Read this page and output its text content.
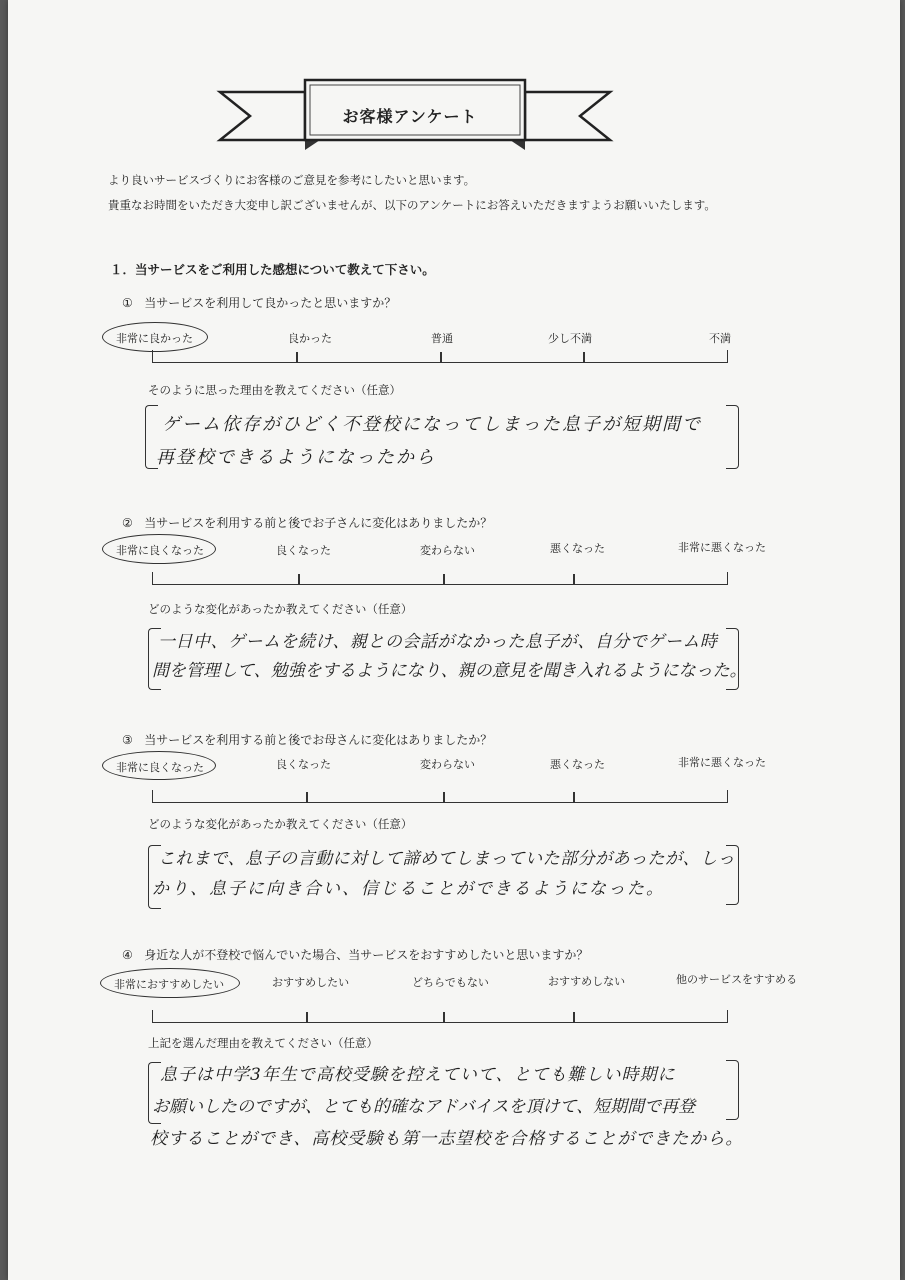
お客様アンケート
より良いサービスづくりにお客様のご意見を参考にしたいと思います。
貴重なお時間をいただき大変申し訳ございませんが、以下のアンケートにお答えいただきますようお願いいたします。
１．当サービスをご利用した感想について教えて下さい。
① 当サービスを利用して良かったと思いますか？
非常に良かった	良かった	普通	少し不満	不満
そのように思った理由を教えてください（任意）
ゲーム依存がひどく不登校になってしまった息子が短期間で
再登校できるようになったから
② 当サービスを利用する前と後でお子さんに変化はありましたか？
非常に良くなった	良くなった	変わらない	悪くなった	非常に悪くなった
どのような変化があったか教えてください（任意）
一日中、ゲームを続け、親との会話がなかった息子が、自分でゲーム時
間を管理して、勉強をするようになり、親の意見を聞き入れるようになった。
③ 当サービスを利用する前と後でお母さんに変化はありましたか？
非常に良くなった	良くなった	変わらない	悪くなった	非常に悪くなった
どのような変化があったか教えてください（任意）
これまで、息子の言動に対して諦めてしまっていた部分があったが、しっ
かり、息子に向き合い、信じることができるようになった。
④ 身近な人が不登校で悩んでいた場合、当サービスをおすすめしたいと思いますか？
非常におすすめしたい	おすすめしたい	どちらでもない	おすすめしない	他のサービスをすすめる
上記を選んだ理由を教えてください（任意）
息子は中学3年生で高校受験を控えていて、とても難しい時期に
お願いしたのですが、とても的確なアドバイスを頂けて、短期間で再登
校することができ、高校受験も第一志望校を合格することができたから。
